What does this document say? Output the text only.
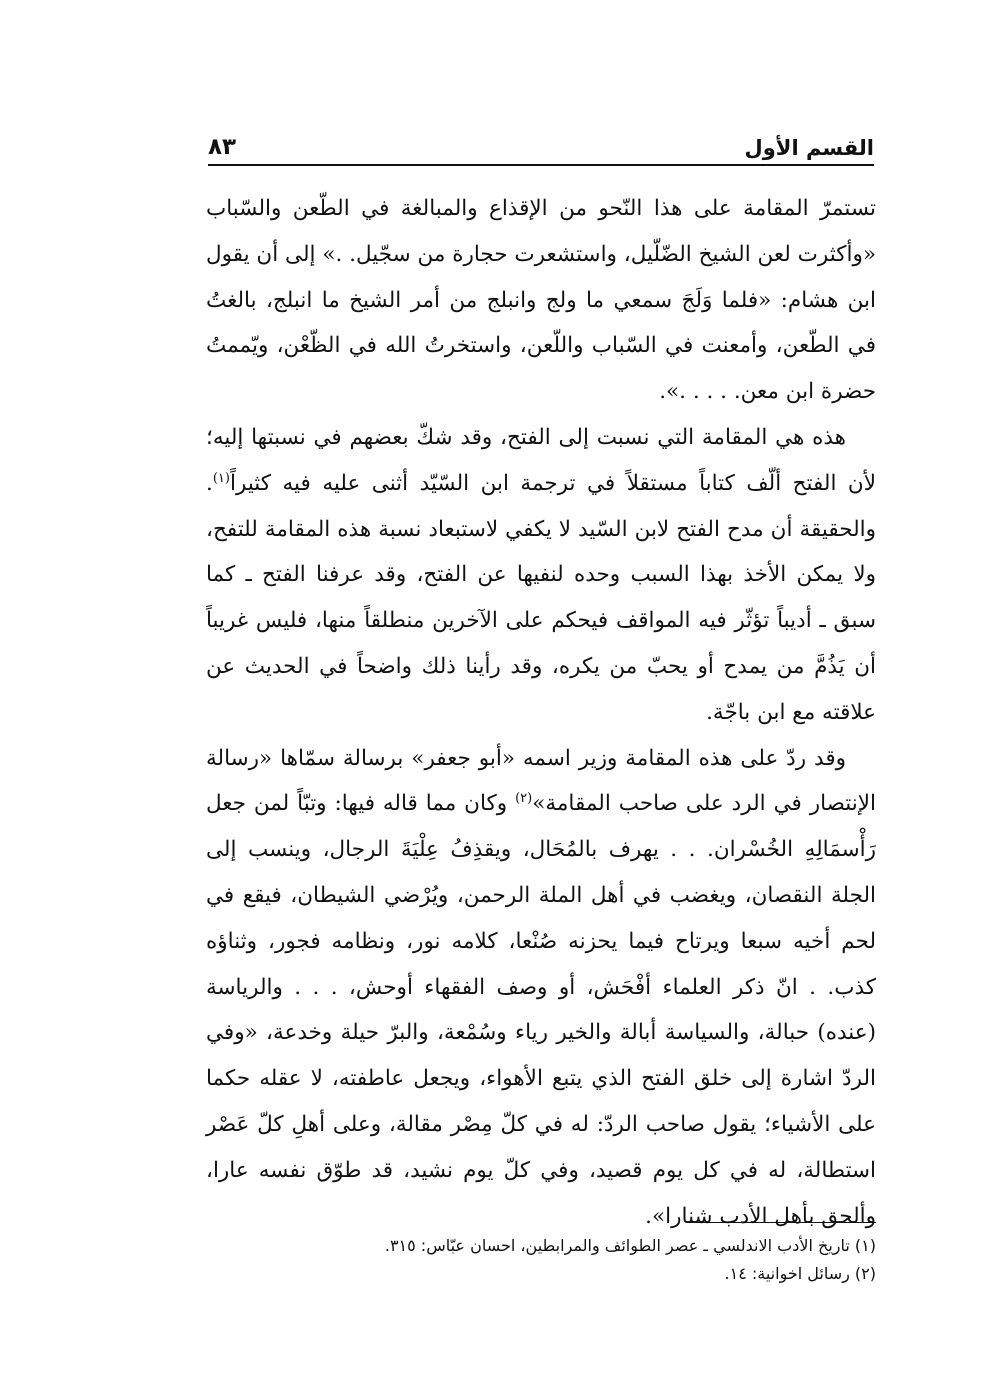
القسم الأول
٨٣

تستمرّ المقامة على هذا النّحو من الإقذاع والمبالغة في الطّعن والسّباب «وأكثرت لعن الشيخ الضّلّيل، واستشعرت حجارة من سجّيل. .» إلى أن يقول ابن هشام: «فلما وَلَجَ سمعي ما ولج وانبلج من أمر الشيخ ما انبلج، بالغتُ في الطّعن، وأمعنت في السّباب واللّعن، واستخرتُ الله في الظّعْن، ويّممتُ حضرة ابن معن. . . . .».

هذه هي المقامة التي نسبت إلى الفتح، وقد شكّ بعضهم في نسبتها إليه؛ لأن الفتح ألّف كتاباً مستقلاً في ترجمة ابن السّيّد أثنى عليه فيه كثيراً$^{(١)}$. والحقيقة أن مدح الفتح لابن السّيد لا يكفي لاستبعاد نسبة هذه المقامة للتفح، ولا يمكن الأخذ بهذا السبب وحده لنفيها عن الفتح، وقد عرفنا الفتح ـ كما سبق ـ أديباً تؤثّر فيه المواقف فيحكم على الآخرين منطلقاً منها، فليس غريباً أن يَذُمَّ من يمدح أو يحبّ من يكره، وقد رأينا ذلك واضحاً في الحديث عن علاقته مع ابن باجّة.

وقد ردّ على هذه المقامة وزير اسمه «أبو جعفر» برسالة سمّاها «رسالة الإنتصار في الرد على صاحب المقامة»$^{(٢)}$ وكان مما قاله فيها: وتبّاً لمن جعل رَأْسمَالِهِ الخُسْران. . . يهرف بالمُحَال، ويقذِفُ عِلْيَةَ الرجال، وينسب إلى الجلة النقصان، ويغضب في أهل الملة الرحمن، ويُرْضي الشيطان، فيقع في لحم أخيه سبعا ويرتاح فيما يحزنه صُنْعا، كلامه نور، ونظامه فجور، وثناؤه كذب. . انّ ذكر العلماء أفْحَش، أو وصف الفقهاء أوحش، . . . والرياسة (عنده) حبالة، والسياسة أبالة والخير رياء وسُمْعة، والبرّ حيلة وخدعة، «وفي الردّ اشارة إلى خلق الفتح الذي يتبع الأهواء، ويجعل عاطفته، لا عقله حكما على الأشياء؛ يقول صاحب الردّ: له في كلّ مِصْر مقالة، وعلى أهلِ كلّ عَصْر استطالة، له في كل يوم قصيد، وفي كلّ يوم نشيد، قد طوّق نفسه عارا، وألحق بأهل الأدب شنارا».

(١) تاريخ الأدب الاندلسي ـ عصر الطوائف والمرابطين، احسان عبّاس: ٣١٥.
(٢) رسائل اخوانية: ١٤.
